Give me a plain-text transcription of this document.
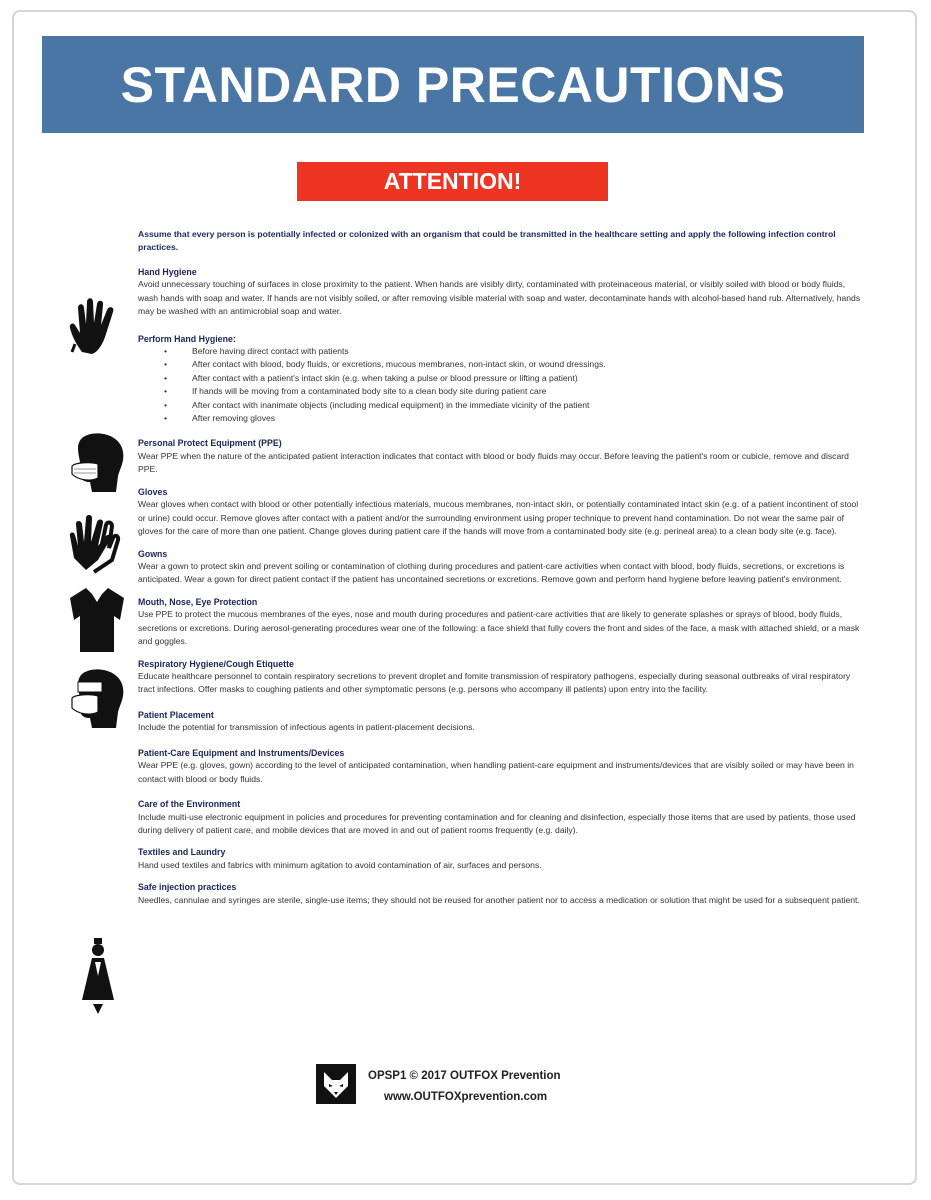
STANDARD PRECAUTIONS
ATTENTION!

Assume that every person is potentially infected or colonized with an organism that could be transmitted in the healthcare setting and apply the following infection control practices.

Hand Hygiene

Avoid unnecessary touching of surfaces in close proximity to the patient. When hands are visibly dirty, contaminated with proteinaceous material, or visibly soiled with blood or body fluids, wash hands with soap and water. If hands are not visibly soiled, or after removing visible material with soap and water, decontaminate hands with alcohol-based hand rub. Alternatively, hands may be washed with an antimicrobial soap and water.

Perform Hand Hygiene:
• Before having direct contact with patients
• After contact with blood, body fluids, or excretions, mucous membranes, non-intact skin, or wound dressings.
• After contact with a patient's intact skin (e.g. when taking a pulse or blood pressure or lifting a patient)
• If hands will be moving from a contaminated body site to a clean body site during patient care
• After contact with inanimate objects (including medical equipment) in the immediate vicinity of the patient
• After removing gloves
Personal Protect Equipment (PPE)

Wear PPE when the nature of the anticipated patient interaction indicates that contact with blood or body fluids may occur. Before leaving the patient's room or cubicle, remove and discard PPE.

Gloves

Wear gloves when contact with blood or other potentially infectious materials, mucous membranes, non-intact skin, or potentially contaminated intact skin (e.g. of a patient incontinent of stool or urine) could occur. Remove gloves after contact with a patient and/or the surrounding environment using proper technique to prevent hand contamination. Do not wear the same pair of gloves for the care of more than one patient. Change gloves during patient care if the hands will move from a contaminated body site (e.g. perineal area) to a clean body site (e.g. face).

Gowns

Wear a gown to protect skin and prevent soiling or contamination of clothing during procedures and patient-care activities when contact with blood, body fluids, secretions, or excretions is anticipated. Wear a gown for direct patient contact if the patient has uncontained secretions or excretions. Remove gown and perform hand hygiene before leaving patient's environment.

Mouth, Nose, Eye Protection

Use PPE to protect the mucous membranes of the eyes, nose and mouth during procedures and patient-care activities that are likely to generate splashes or sprays of blood, body fluids, secretions or excretions. During aerosol-generating procedures wear one of the following: a face shield that fully covers the front and sides of the face, a mask with attached shield, or a mask and goggles.

Respiratory Hygiene/Cough Etiquette

Educate healthcare personnel to contain respiratory secretions to prevent droplet and fomite transmission of respiratory pathogens, especially during seasonal outbreaks of viral respiratory tract infections. Offer masks to coughing patients and other symptomatic persons (e.g. persons who accompany ill patients) upon entry into the facility.

Patient Placement

Include the potential for transmission of infectious agents in patient-placement decisions.

Patient-Care Equipment and Instruments/Devices

Wear PPE (e.g. gloves, gown) according to the level of anticipated contamination, when handling patient-care equipment and instruments/devices that are visibly soiled or may have been in contact with blood or body fluids.

Care of the Environment

Include multi-use electronic equipment in policies and procedures for preventing contamination and for cleaning and disinfection, especially those items that are used by patients, those used during delivery of patient care, and mobile devices that are moved in and out of patient rooms frequently (e.g. daily).

Textiles and Laundry

Hand used textiles and fabrics with minimum agitation to avoid contamination of air, surfaces and persons.

Safe injection practices

Needles, cannulae and syringes are sterile, single-use items; they should not be reused for another patient nor to access a medication or solution that might be used for a subsequent patient.

OPSP1 © 2017 OUTFOX Prevention
www.OUTFOXprevention.com
